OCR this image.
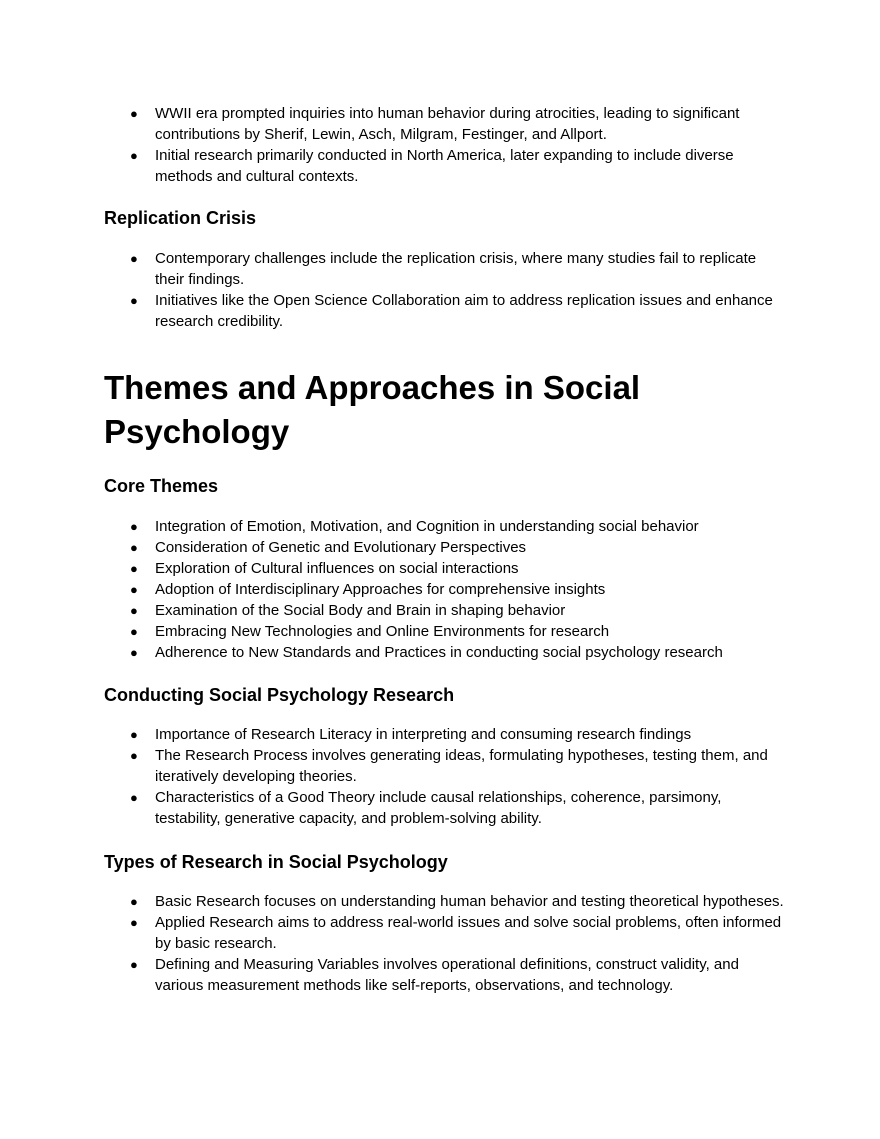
● WWII era prompted inquiries into human behavior during atrocities, leading to significant contributions by Sherif, Lewin, Asch, Milgram, Festinger, and Allport.
● Initial research primarily conducted in North America, later expanding to include diverse methods and cultural contexts.
Replication Crisis
● Contemporary challenges include the replication crisis, where many studies fail to replicate their findings.
● Initiatives like the Open Science Collaboration aim to address replication issues and enhance research credibility.
Themes and Approaches in Social Psychology
Core Themes
● Integration of Emotion, Motivation, and Cognition in understanding social behavior
● Consideration of Genetic and Evolutionary Perspectives
● Exploration of Cultural influences on social interactions
● Adoption of Interdisciplinary Approaches for comprehensive insights
● Examination of the Social Body and Brain in shaping behavior
● Embracing New Technologies and Online Environments for research
● Adherence to New Standards and Practices in conducting social psychology research
Conducting Social Psychology Research
● Importance of Research Literacy in interpreting and consuming research findings
● The Research Process involves generating ideas, formulating hypotheses, testing them, and iteratively developing theories.
● Characteristics of a Good Theory include causal relationships, coherence, parsimony, testability, generative capacity, and problem-solving ability.
Types of Research in Social Psychology
● Basic Research focuses on understanding human behavior and testing theoretical hypotheses.
● Applied Research aims to address real-world issues and solve social problems, often informed by basic research.
● Defining and Measuring Variables involves operational definitions, construct validity, and various measurement methods like self-reports, observations, and technology.
